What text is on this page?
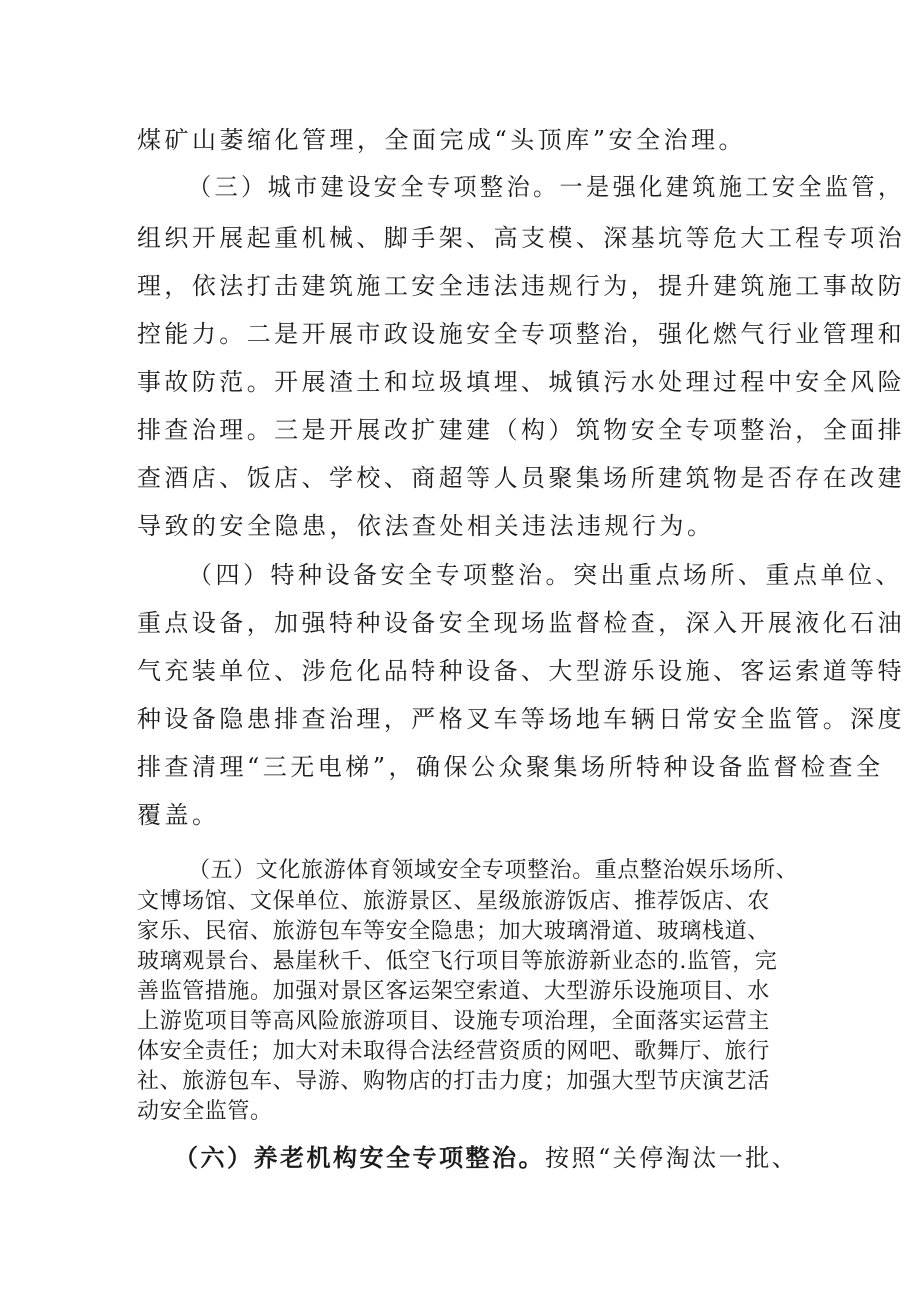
煤矿山萎缩化管理，全面完成“头顶库”安全治理。

（三）城市建设安全专项整治。一是强化建筑施工安全监管，

组织开展起重机械、脚手架、高支模、深基坑等危大工程专项治

理，依法打击建筑施工安全违法违规行为，提升建筑施工事故防

控能力。二是开展市政设施安全专项整治，强化燃气行业管理和

事故防范。开展渣土和垃圾填埋、城镇污水处理过程中安全风险

排查治理。三是开展改扩建建（构）筑物安全专项整治，全面排

查酒店、饭店、学校、商超等人员聚集场所建筑物是否存在改建

导致的安全隐患，依法查处相关违法违规行为。

（四）特种设备安全专项整治。突出重点场所、重点单位、

重点设备，加强特种设备安全现场监督检查，深入开展液化石油

气充装单位、涉危化品特种设备、大型游乐设施、客运索道等特

种设备隐患排查治理，严格叉车等场地车辆日常安全监管。深度

排查清理“三无电梯”，确保公众聚集场所特种设备监督检查全

覆盖。

（五）文化旅游体育领域安全专项整治。重点整治娱乐场所、

文博场馆、文保单位、旅游景区、星级旅游饭店、推荐饭店、农

家乐、民宿、旅游包车等安全隐患；加大玻璃滑道、玻璃栈道、

玻璃观景台、悬崖秋千、低空飞行项目等旅游新业态的.监管，完

善监管措施。加强对景区客运架空索道、大型游乐设施项目、水

上游览项目等高风险旅游项目、设施专项治理，全面落实运营主

体安全责任；加大对未取得合法经营资质的网吧、歌舞厅、旅行

社、旅游包车、导游、购物店的打击力度；加强大型节庆演艺活

动安全监管。

（六）养老机构安全专项整治。按照“关停淘汰一批、
